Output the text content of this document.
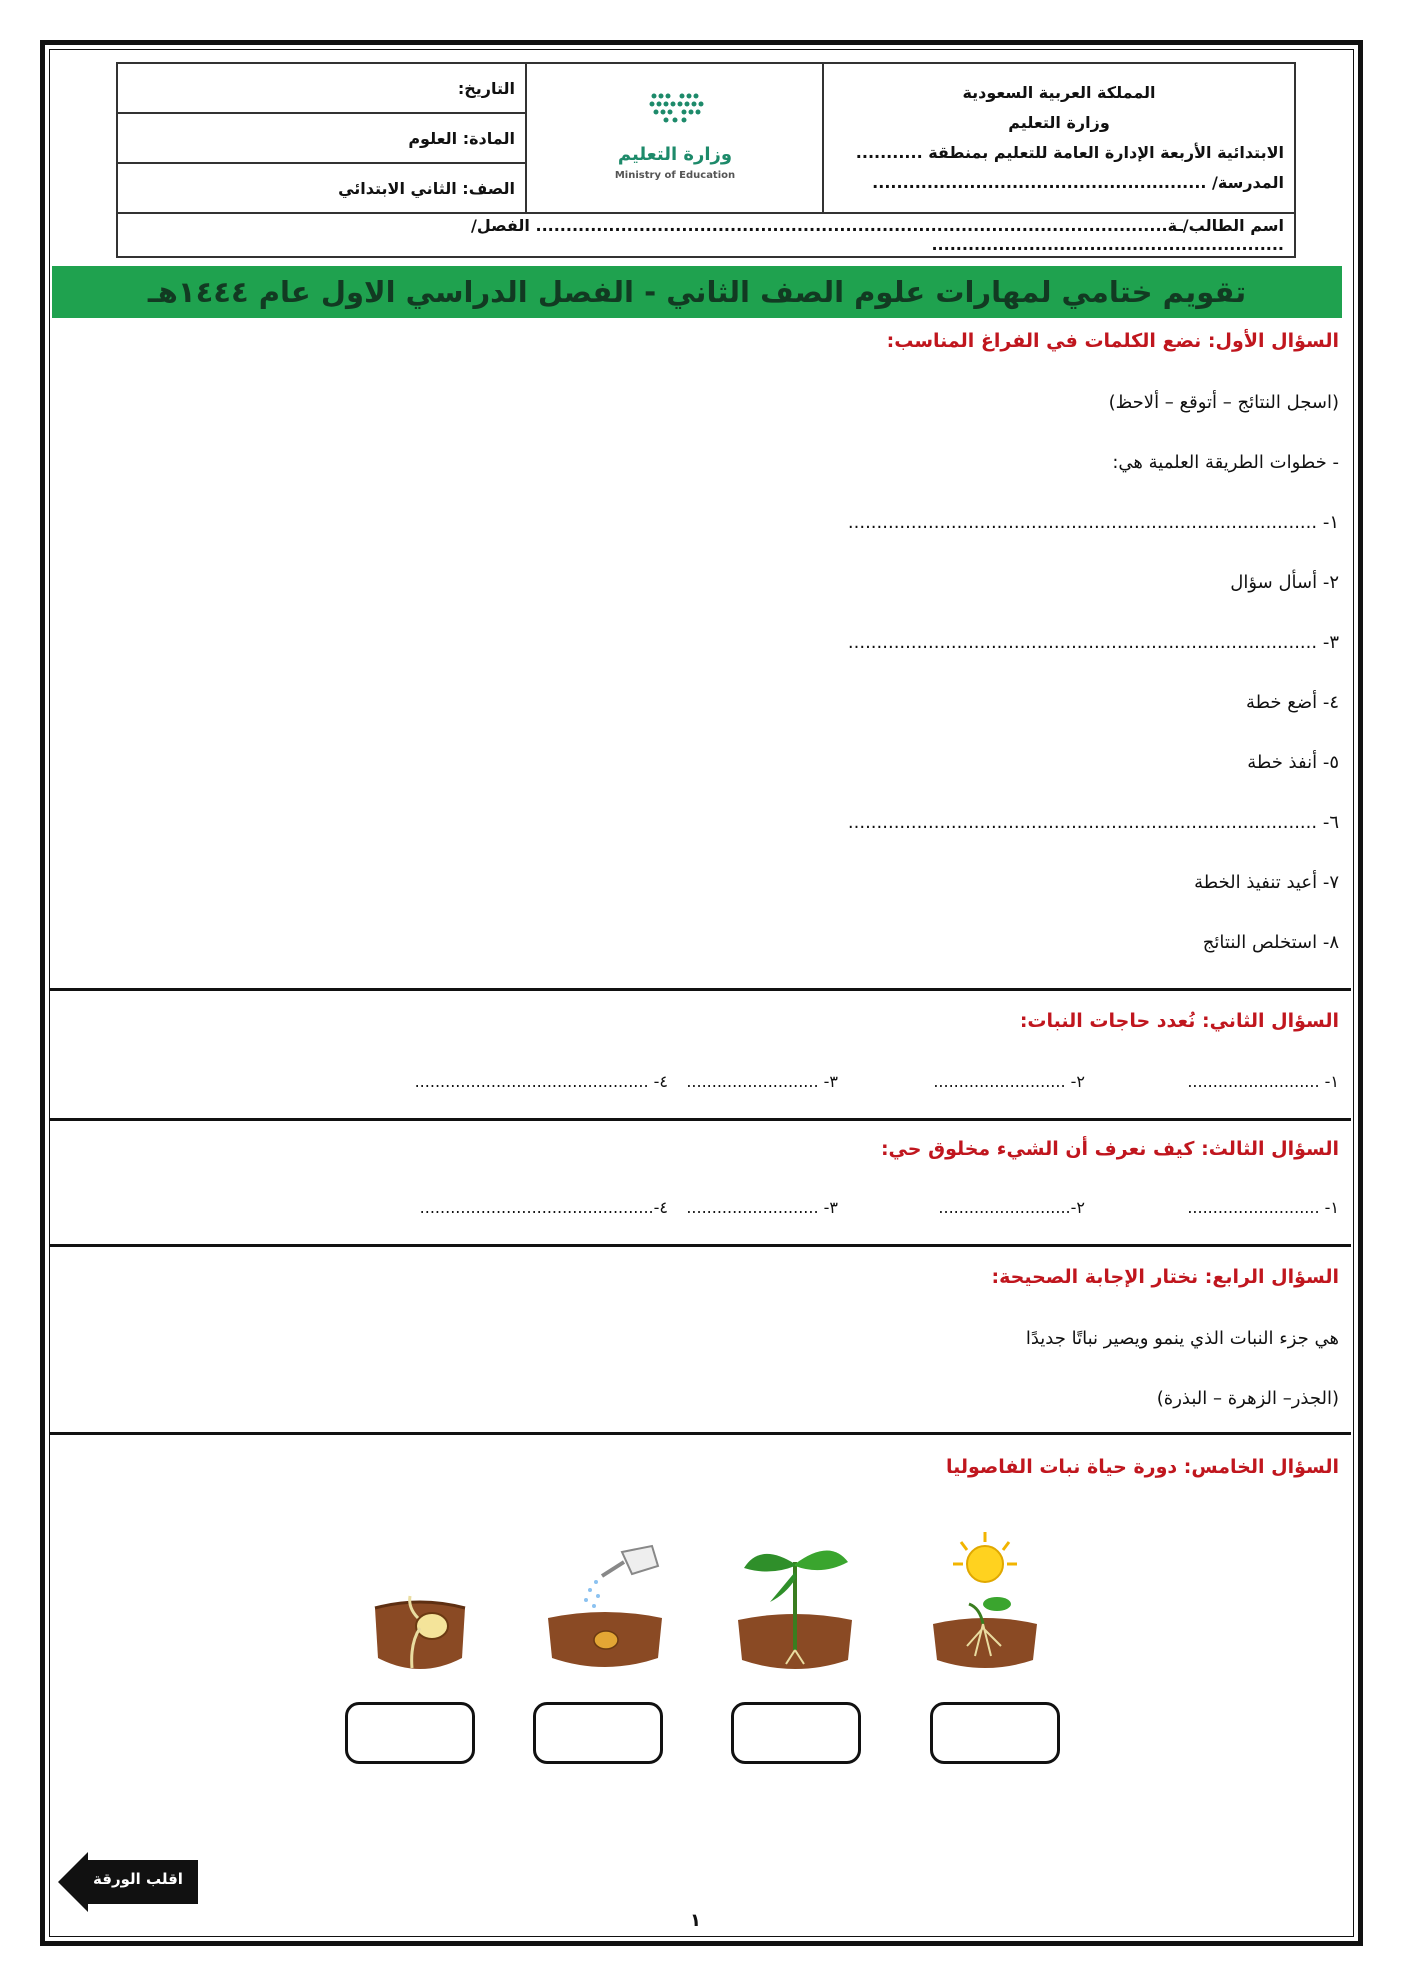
المملكة العربية السعودية
وزارة التعليم
الابتدائية الأربعة الإدارة العامة للتعليم بمنطقة ...........
المدرسة/ .......................................................

وزارة التعليم
Ministry of Education
	التاريخ:
المادة: العلوم
الصف: الثاني الابتدائي
اسم الطالب/ـة........................................................................................................ الفصل/ ..........................................................
تقويم ختامي لمهارات علوم الصف الثاني - الفصل الدراسي الاول عام ١٤٤٤هـ
السؤال الأول: نضع الكلمات في الفراغ المناسب:
(اسجل النتائج – أتوقع – ألاحظ)
- خطوات الطريقة العلمية هي:
١- ..................................................................................
٢- أسأل سؤال
٣- ..................................................................................
٤- أضع خطة
٥- أنفذ خطة
٦- ..................................................................................
٧- أعيد تنفيذ الخطة
٨- استخلص النتائج
السؤال الثاني: نُعدد حاجات النبات:
١- ..........................
٢- ..........................
٣- ..........................
٤- ..............................................
السؤال الثالث: كيف نعرف أن الشيء مخلوق حي:
١- ..........................
٢-..........................
٣- ..........................
٤-..............................................
السؤال الرابع: نختار الإجابة الصحيحة:
هي جزء النبات الذي ينمو ويصير نباتًا جديدًا
(الجذر– الزهرة – البذرة)
السؤال الخامس: دورة حياة نبات الفاصوليا
اقلب الورقة
١
